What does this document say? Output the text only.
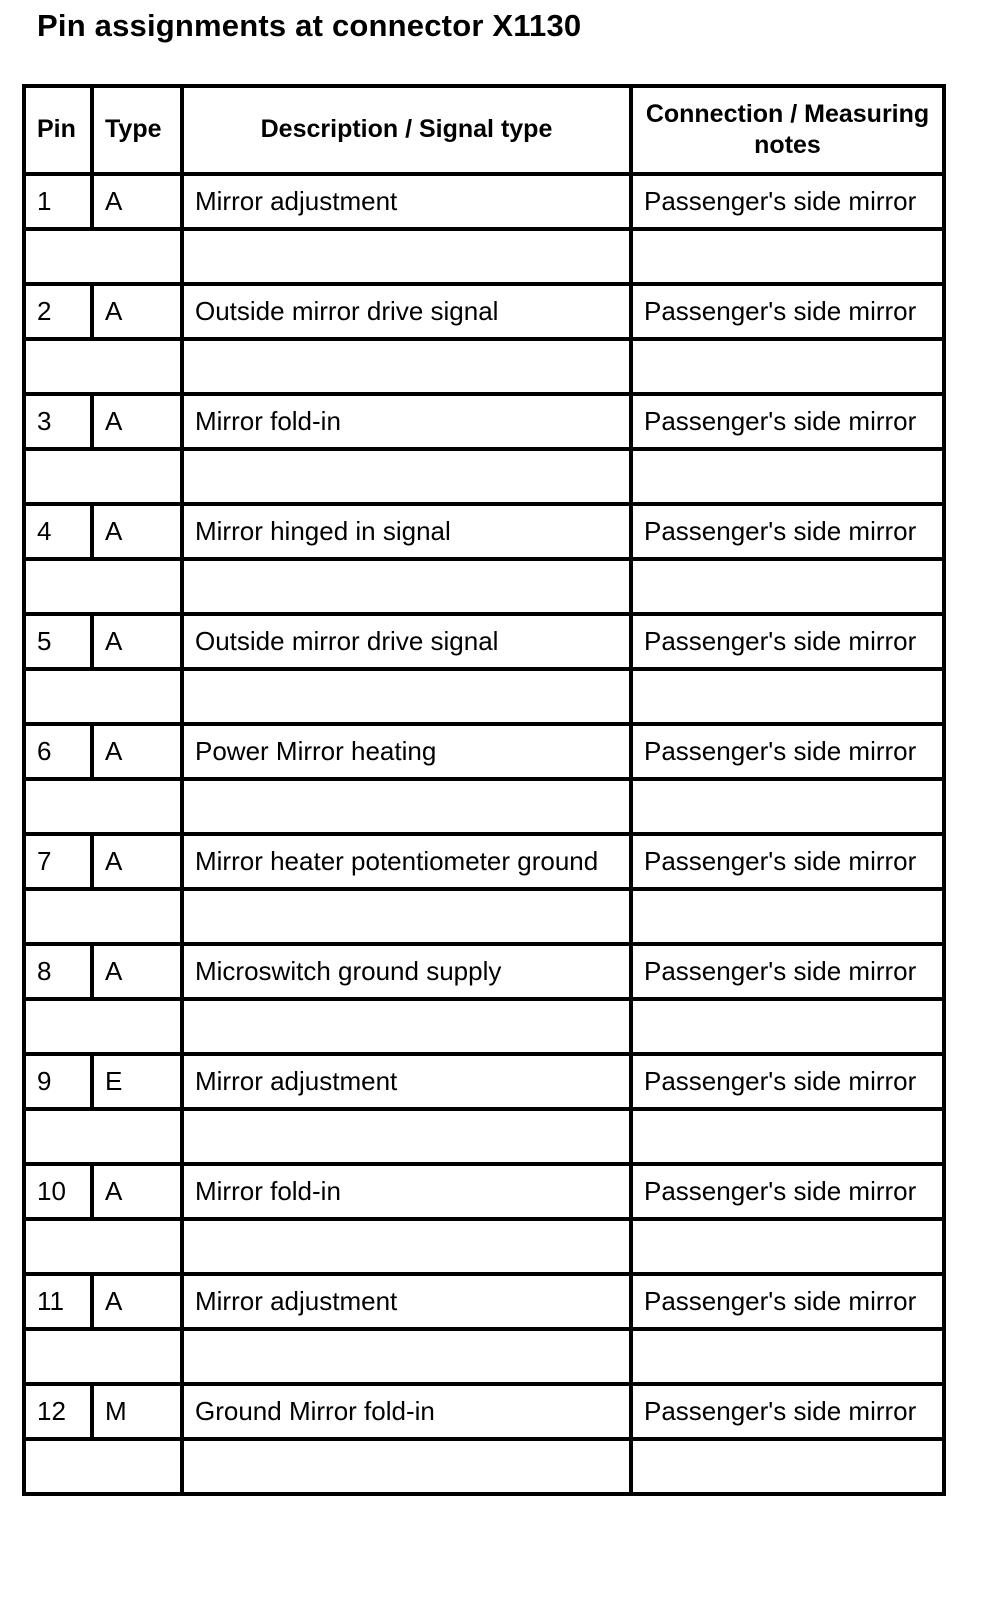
Pin assignments at connector X1130
Pin	Type	Description / Signal type	Connection / Measuring notes
1	A	Mirror adjustment	Passenger's side mirror

2	A	Outside mirror drive signal	Passenger's side mirror

3	A	Mirror fold-in	Passenger's side mirror

4	A	Mirror hinged in signal	Passenger's side mirror

5	A	Outside mirror drive signal	Passenger's side mirror

6	A	Power Mirror heating	Passenger's side mirror

7	A	Mirror heater potentiometer ground	Passenger's side mirror

8	A	Microswitch ground supply	Passenger's side mirror

9	E	Mirror adjustment	Passenger's side mirror

10	A	Mirror fold-in	Passenger's side mirror

11	A	Mirror adjustment	Passenger's side mirror

12	M	Ground Mirror fold-in	Passenger's side mirror
